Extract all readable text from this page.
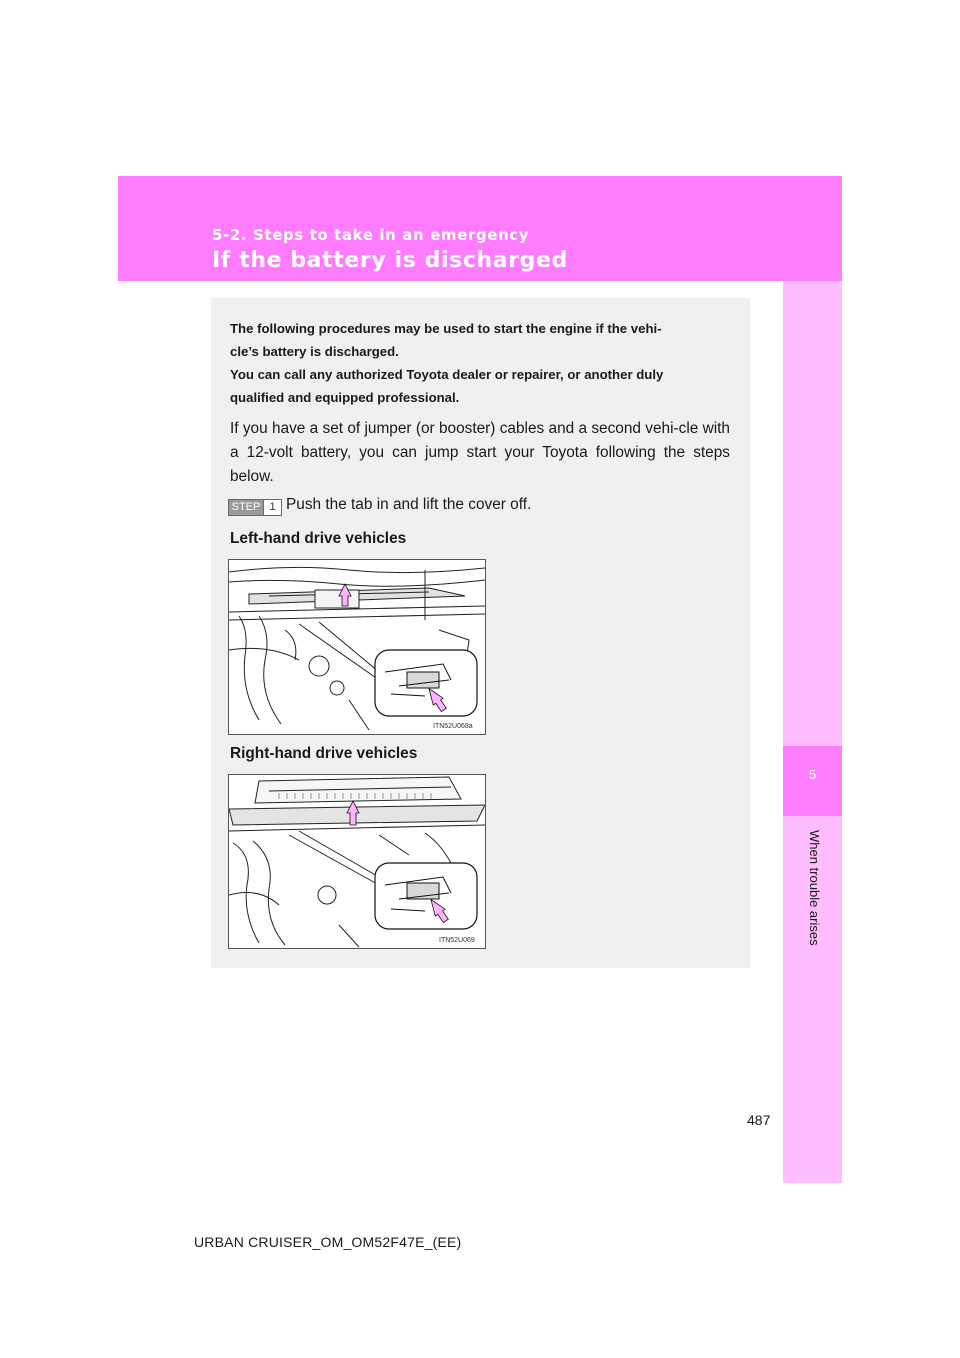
5-2. Steps to take in an emergency
If the battery is discharged
5
When trouble arises

The following procedures may be used to start the engine if the vehi-
cle’s battery is discharged.
You can call any authorized Toyota dealer or repairer, or another duly
qualified and equipped professional.

If you have a set of jumper (or booster) cables and a second vehi-cle with a 12-volt battery, you can jump start your Toyota following the steps below.

STEP 1 Push the tab in and lift the cover off.
Left-hand drive vehicles
ITN52U068a
Right-hand drive vehicles
ITN52U069
487
URBAN CRUISER_OM_OM52F47E_(EE)
